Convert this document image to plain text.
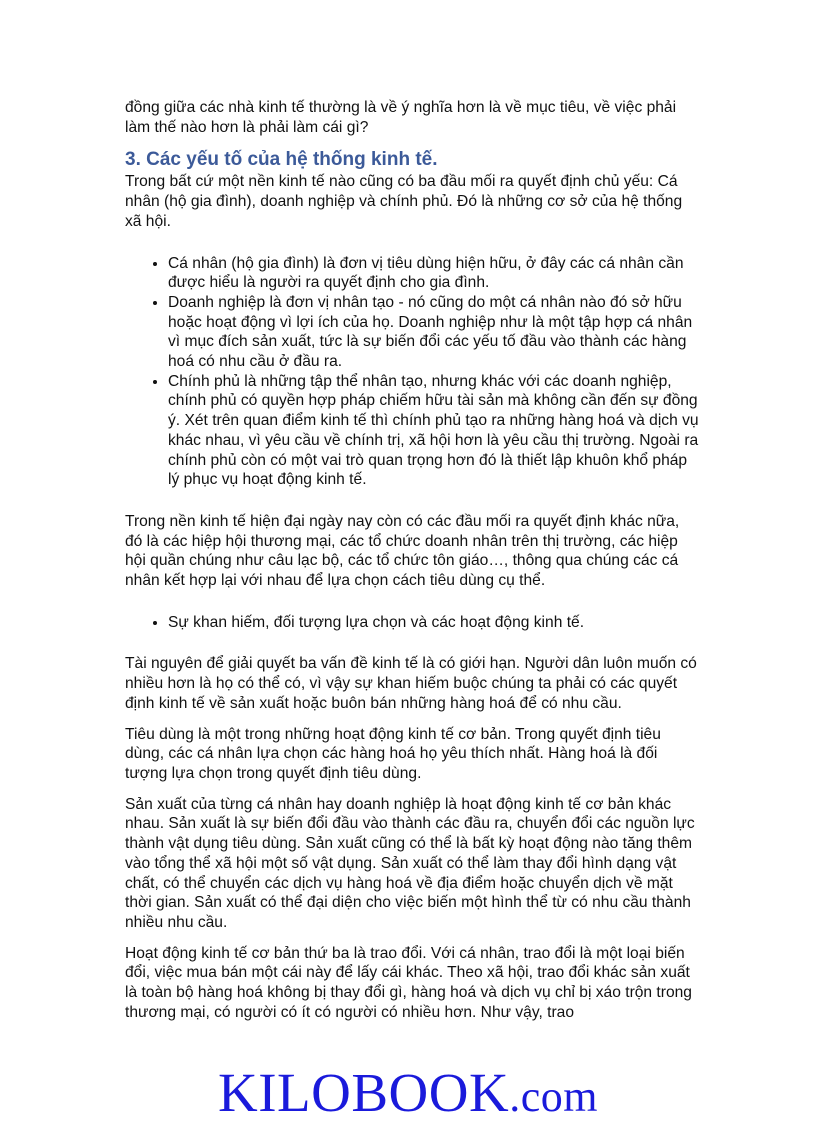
đồng giữa các nhà kinh tế thường là về ý nghĩa hơn là về mục tiêu, về việc phải làm thế nào hơn là phải làm cái gì?

3. Các yếu tố của hệ thống kinh tế.

Trong bất cứ một nền kinh tế nào cũng có ba đầu mối ra quyết định chủ yếu: Cá nhân (hộ gia đình), doanh nghiệp và chính phủ. Đó là những cơ sở của hệ thống xã hội.

• Cá nhân (hộ gia đình) là đơn vị tiêu dùng hiện hữu, ở đây các cá nhân cần được hiểu là người ra quyết định cho gia đình.
• Doanh nghiệp là đơn vị nhân tạo - nó cũng do một cá nhân nào đó sở hữu hoặc hoạt động vì lợi ích của họ. Doanh nghiệp như là một tập hợp cá nhân vì mục đích sản xuất, tức là sự biến đổi các yếu tố đầu vào thành các hàng hoá có nhu cầu ở đầu ra.
• Chính phủ là những tập thể nhân tạo, nhưng khác với các doanh nghiệp, chính phủ có quyền hợp pháp chiếm hữu tài sản mà không cần đến sự đồng ý. Xét trên quan điểm kinh tế thì chính phủ tạo ra những hàng hoá và dịch vụ khác nhau, vì yêu cầu về chính trị, xã hội hơn là yêu cầu thị trường. Ngoài ra chính phủ còn có một vai trò quan trọng hơn đó là thiết lập khuôn khổ pháp lý phục vụ hoạt động kinh tế.

Trong nền kinh tế hiện đại ngày nay còn có các đầu mối ra quyết định khác nữa, đó là các hiệp hội thương mại, các tổ chức doanh nhân trên thị trường, các hiệp hội quần chúng như câu lạc bộ, các tổ chức tôn giáo…, thông qua chúng các cá nhân kết hợp lại với nhau để lựa chọn cách tiêu dùng cụ thể.

• Sự khan hiếm, đối tượng lựa chọn và các hoạt động kinh tế.

Tài nguyên để giải quyết ba vấn đề kinh tế là có giới hạn. Người dân luôn muốn có nhiều hơn là họ có thể có, vì vậy sự khan hiếm buộc chúng ta phải có các quyết định kinh tế về sản xuất hoặc buôn bán những hàng hoá để có nhu cầu.

Tiêu dùng là một trong những hoạt động kinh tế cơ bản. Trong quyết định tiêu dùng, các cá nhân lựa chọn các hàng hoá họ yêu thích nhất. Hàng hoá là đối tượng lựa chọn trong quyết định tiêu dùng.

Sản xuất của từng cá nhân hay doanh nghiệp là hoạt động kinh tế cơ bản khác nhau. Sản xuất là sự biến đổi đầu vào thành các đầu ra, chuyển đổi các nguồn lực thành vật dụng tiêu dùng. Sản xuất cũng có thể là bất kỳ hoạt động nào tăng thêm vào tổng thể xã hội một số vật dụng. Sản xuất có thể làm thay đổi hình dạng vật chất, có thể chuyển các dịch vụ hàng hoá về địa điểm hoặc chuyển dịch về mặt thời gian. Sản xuất có thể đại diện cho việc biến một hình thể từ có nhu cầu thành nhiều nhu cầu.

Hoạt động kinh tế cơ bản thứ ba là trao đổi. Với cá nhân, trao đổi là một loại biến đổi, việc mua bán một cái này để lấy cái khác. Theo xã hội, trao đổi khác sản xuất là toàn bộ hàng hoá không bị thay đổi gì, hàng hoá và dịch vụ chỉ bị xáo trộn trong thương mại, có người có ít có người có nhiều hơn. Như vậy, trao

KILOBOOK.com
